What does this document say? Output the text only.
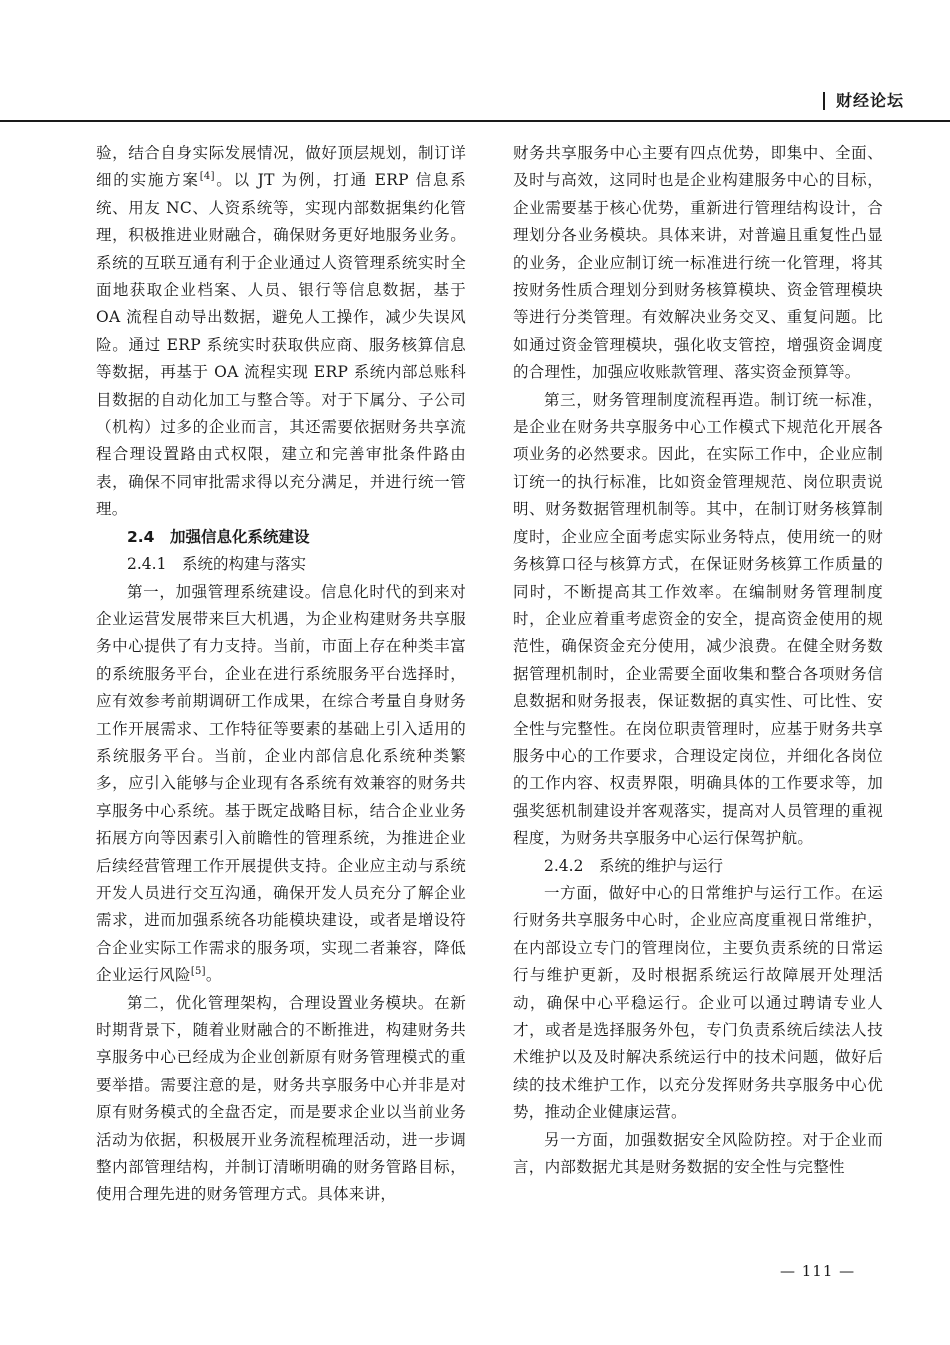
财经论坛

验，结合自身实际发展情况，做好顶层规划，制订详细的实施方案[4]。以 JT 为例，打通 ERP 信息系统、用友 NC、人资系统等，实现内部数据集约化管理，积极推进业财融合，确保财务更好地服务业务。系统的互联互通有利于企业通过人资管理系统实时全面地获取企业档案、人员、银行等信息数据，基于 OA 流程自动导出数据，避免人工操作，减少失误风险。通过 ERP 系统实时获取供应商、服务核算信息等数据，再基于 OA 流程实现 ERP 系统内部总账科目数据的自动化加工与整合等。对于下属分、子公司（机构）过多的企业而言，其还需要依据财务共享流程合理设置路由式权限，建立和完善审批条件路由表，确保不同审批需求得以充分满足，并进行统一管理。

2.4 加强信息化系统建设
2.4.1 系统的构建与落实

第一，加强管理系统建设。信息化时代的到来对企业运营发展带来巨大机遇，为企业构建财务共享服务中心提供了有力支持。当前，市面上存在种类丰富的系统服务平台，企业在进行系统服务平台选择时，应有效参考前期调研工作成果，在综合考量自身财务工作开展需求、工作特征等要素的基础上引入适用的系统服务平台。当前，企业内部信息化系统种类繁多，应引入能够与企业现有各系统有效兼容的财务共享服务中心系统。基于既定战略目标，结合企业业务拓展方向等因素引入前瞻性的管理系统，为推进企业后续经营管理工作开展提供支持。企业应主动与系统开发人员进行交互沟通，确保开发人员充分了解企业需求，进而加强系统各功能模块建设，或者是增设符合企业实际工作需求的服务项，实现二者兼容，降低企业运行风险[5]。

第二，优化管理架构，合理设置业务模块。在新时期背景下，随着业财融合的不断推进，构建财务共享服务中心已经成为企业创新原有财务管理模式的重要举措。需要注意的是，财务共享服务中心并非是对原有财务模式的全盘否定，而是要求企业以当前业务活动为依据，积极展开业务流程梳理活动，进一步调整内部管理结构，并制订清晰明确的财务管路目标，使用合理先进的财务管理方式。具体来讲，

财务共享服务中心主要有四点优势，即集中、全面、及时与高效，这同时也是企业构建服务中心的目标，企业需要基于核心优势，重新进行管理结构设计，合理划分各业务模块。具体来讲，对普遍且重复性凸显的业务，企业应制订统一标准进行统一化管理，将其按财务性质合理划分到财务核算模块、资金管理模块等进行分类管理。有效解决业务交叉、重复问题。比如通过资金管理模块，强化收支管控，增强资金调度的合理性，加强应收账款管理、落实资金预算等。

第三，财务管理制度流程再造。制订统一标准，是企业在财务共享服务中心工作模式下规范化开展各项业务的必然要求。因此，在实际工作中，企业应制订统一的执行标准，比如资金管理规范、岗位职责说明、财务数据管理机制等。其中，在制订财务核算制度时，企业应全面考虑实际业务特点，使用统一的财务核算口径与核算方式，在保证财务核算工作质量的同时，不断提高其工作效率。在编制财务管理制度时，企业应着重考虑资金的安全，提高资金使用的规范性，确保资金充分使用，减少浪费。在健全财务数据管理机制时，企业需要全面收集和整合各项财务信息数据和财务报表，保证数据的真实性、可比性、安全性与完整性。在岗位职责管理时，应基于财务共享服务中心的工作要求，合理设定岗位，并细化各岗位的工作内容、权责界限，明确具体的工作要求等，加强奖惩机制建设并客观落实，提高对人员管理的重视程度，为财务共享服务中心运行保驾护航。

2.4.2 系统的维护与运行

一方面，做好中心的日常维护与运行工作。在运行财务共享服务中心时，企业应高度重视日常维护，在内部设立专门的管理岗位，主要负责系统的日常运行与维护更新，及时根据系统运行故障展开处理活动，确保中心平稳运行。企业可以通过聘请专业人才，或者是选择服务外包，专门负责系统后续法人技术维护以及及时解决系统运行中的技术问题，做好后续的技术维护工作，以充分发挥财务共享服务中心优势，推动企业健康运营。

另一方面，加强数据安全风险防控。对于企业而言，内部数据尤其是财务数据的安全性与完整性

— 111 —
